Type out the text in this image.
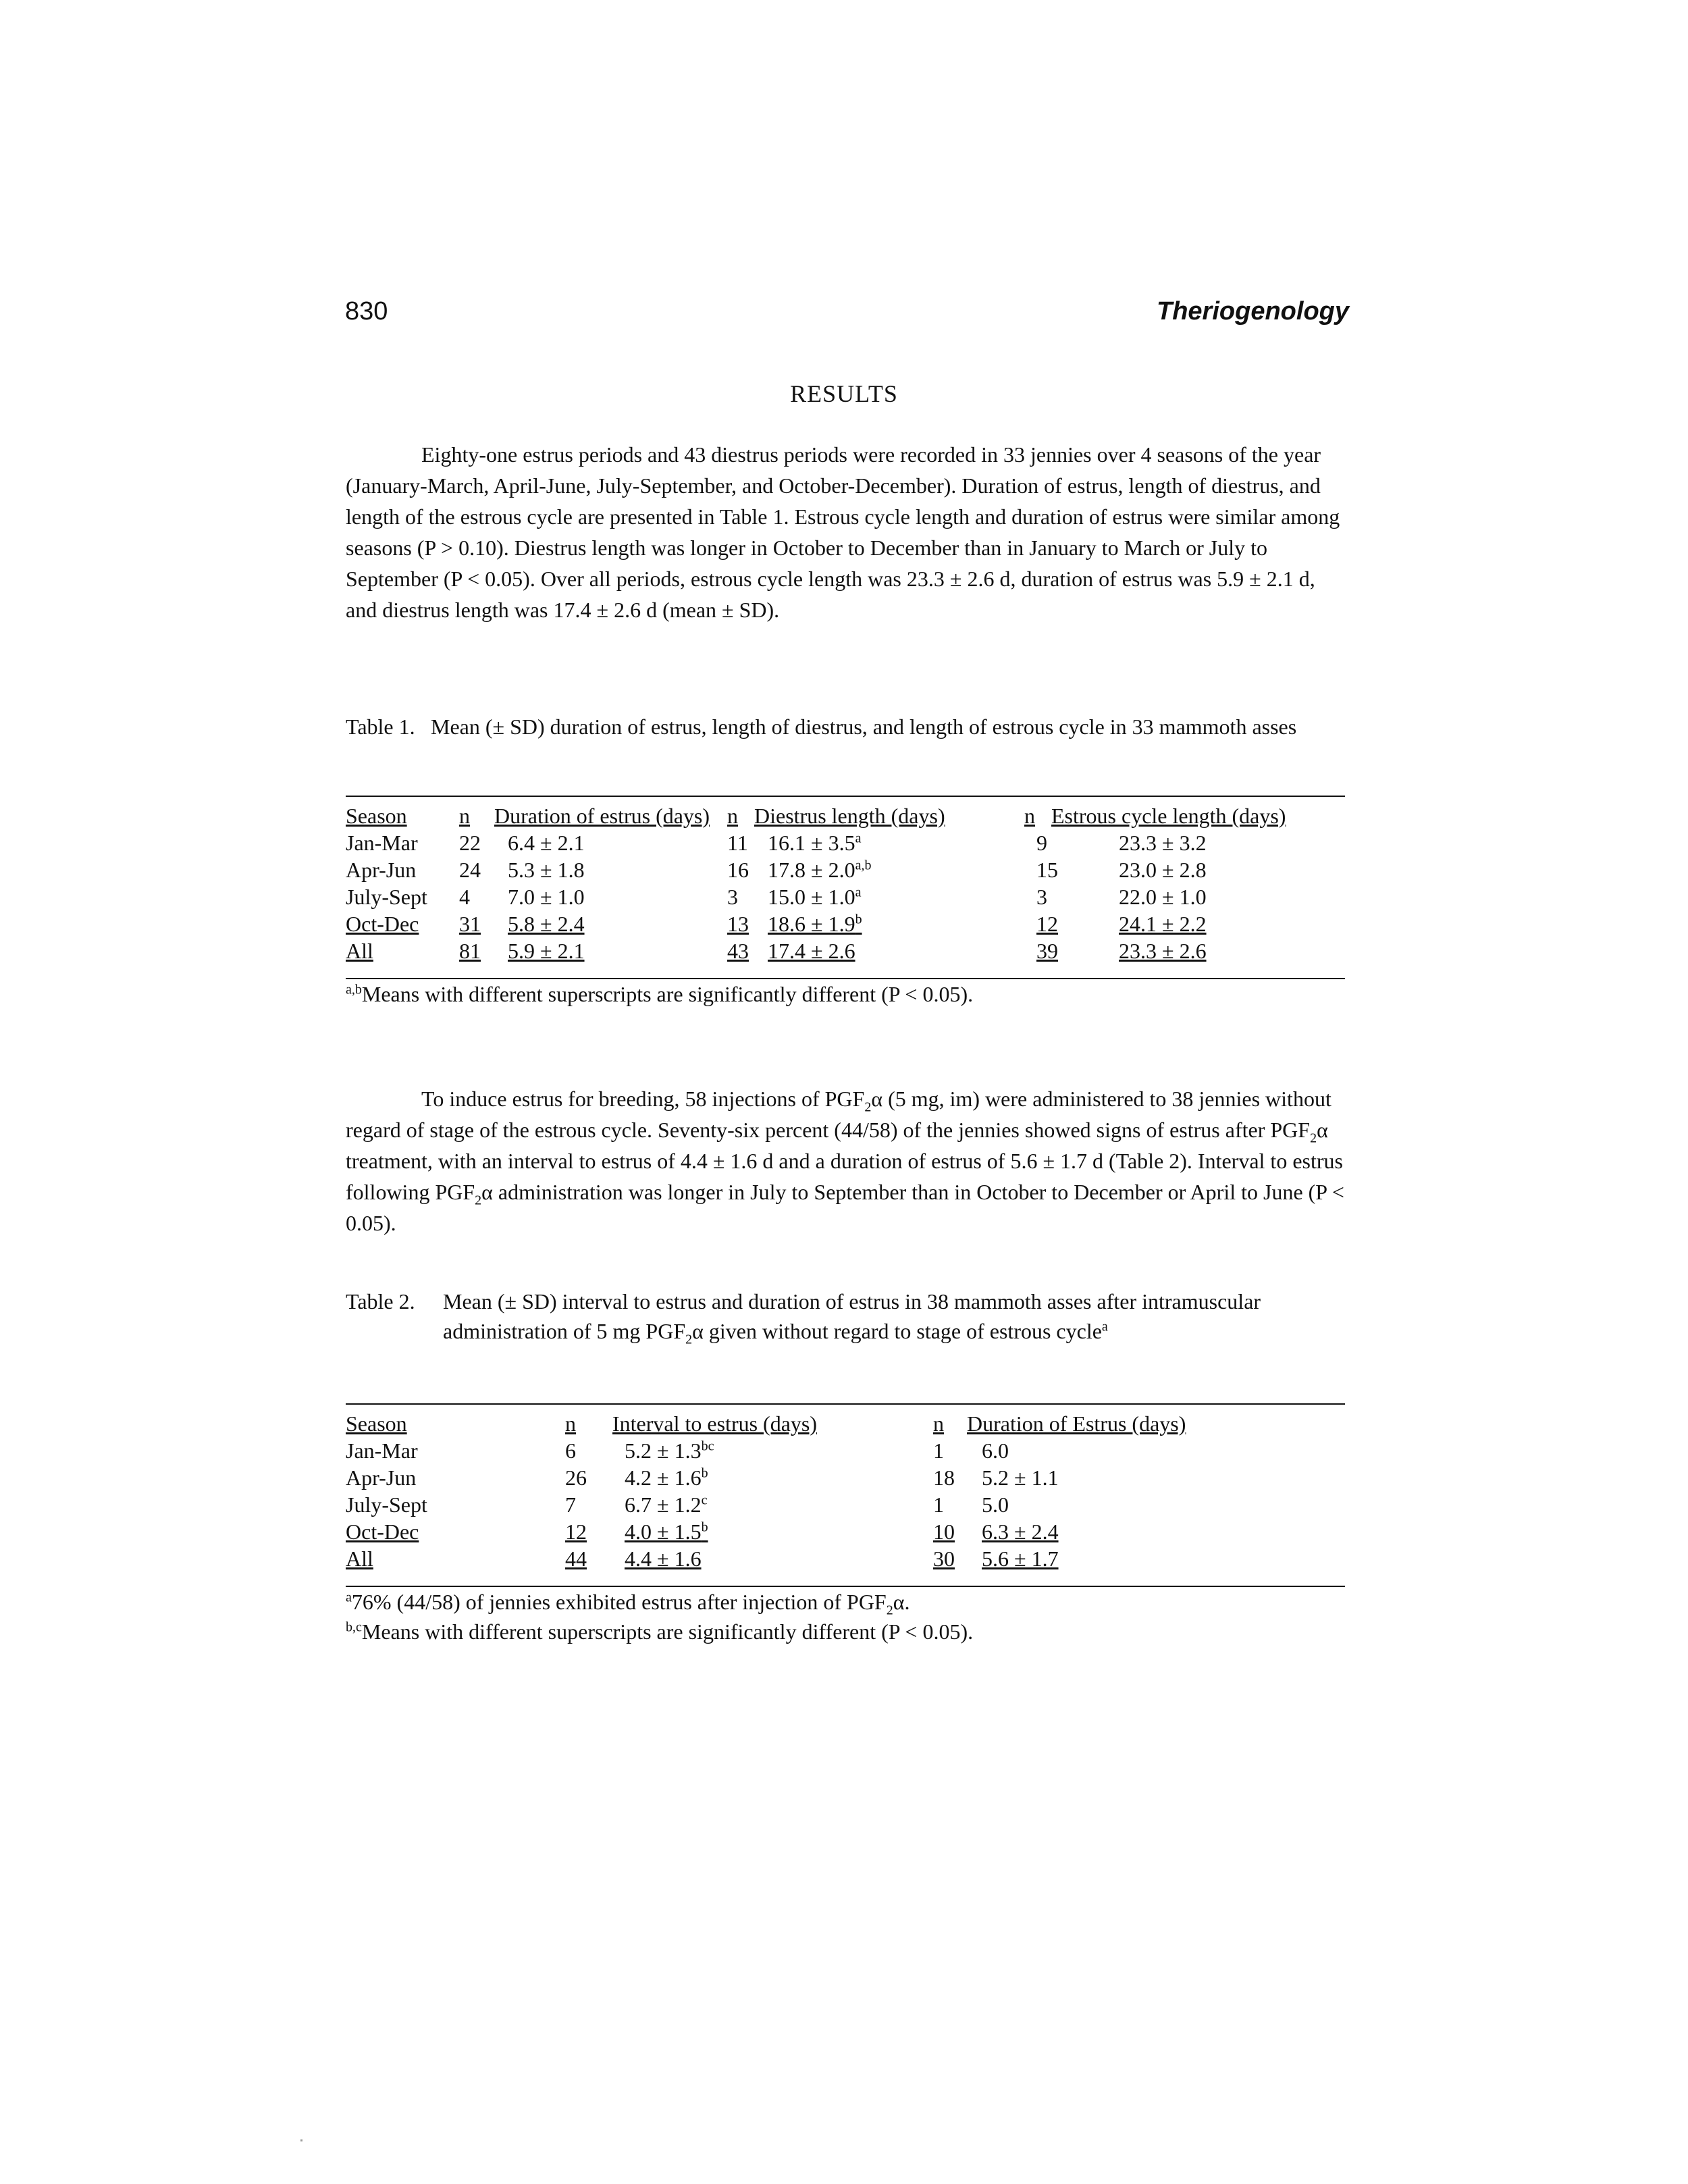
830	Theriogenology
RESULTS

Eighty-one estrus periods and 43 diestrus periods were recorded in 33 jennies over 4 seasons of the year (January-March, April-June, July-September, and October-December). Duration of estrus, length of diestrus, and length of the estrous cycle are presented in Table 1. Estrous cycle length and duration of estrus were similar among seasons (P > 0.10). Diestrus length was longer in October to December than in January to March or July to September (P < 0.05). Over all periods, estrous cycle length was 23.3 ± 2.6 d, duration of estrus was 5.9 ± 2.1 d, and diestrus length was 17.4 ± 2.6 d (mean ± SD).

Table 1. Mean (± SD) duration of estrus, length of diestrus, and length of estrous cycle in 33 mammoth asses
Season	n	Duration of estrus (days)	n	Diestrus length (days)	n	Estrous cycle length (days)
Jan-Mar	22	6.4 ± 2.1	11	16.1 ± 3.5$^a$	9	23.3 ± 3.2
Apr-Jun	24	5.3 ± 1.8	16	$17.8 \pm 2.0^{a,b}$	15	23.0 ± 2.8
July-Sept	4	7.0 ± 1.0	3	15.0 ± 1.0$^a$	3	22.0 ± 1.0
Oct-Dec	31	5.8 ± 2.4	13	18.6 ± 1.9$^b$	12	24.1 ± 2.2
All	81	5.9 ± 2.1	43	17.4 ± 2.6	39	23.3 ± 2.6
$^{a,b}$Means with different superscripts are significantly different (P < 0.05).

To induce estrus for breeding, 58 injections of $PGF_2\alpha$ (5 mg, im) were administered to 38 jennies without regard of stage of the estrous cycle. Seventy-six percent (44/58) of the jennies showed signs of estrus after $PGF_2\alpha$ treatment, with an interval to estrus of 4.4 ± 1.6 d and a duration of estrus of 5.6 ± 1.7 d (Table 2). Interval to estrus following $PGF_2\alpha$ administration was longer in July to September than in October to December or April to June (P < 0.05).

Table 2. Mean (± SD) interval to estrus and duration of estrus in 38 mammoth asses after intramuscular administration of 5 mg $PGF_2\alpha$ given without regard to stage of estrous cycle$^a$
Season	n	Interval to estrus (days)	n	Duration of Estrus (days)
Jan-Mar	6	5.2 ± 1.3$^{bc}$	1	6.0
Apr-Jun	26	4.2 ± 1.6$^b$	18	5.2 ± 1.1
July-Sept	7	6.7 ± 1.2$^c$	1	5.0
Oct-Dec	12	4.0 ± 1.5$^b$	10	6.3 ± 2.4
All	44	4.4 ± 1.6	30	5.6 ± 1.7
$^a$76% (44/58) of jennies exhibited estrus after injection of $PGF_2\alpha$.
$^{b,c}$Means with different superscripts are significantly different (P < 0.05).
